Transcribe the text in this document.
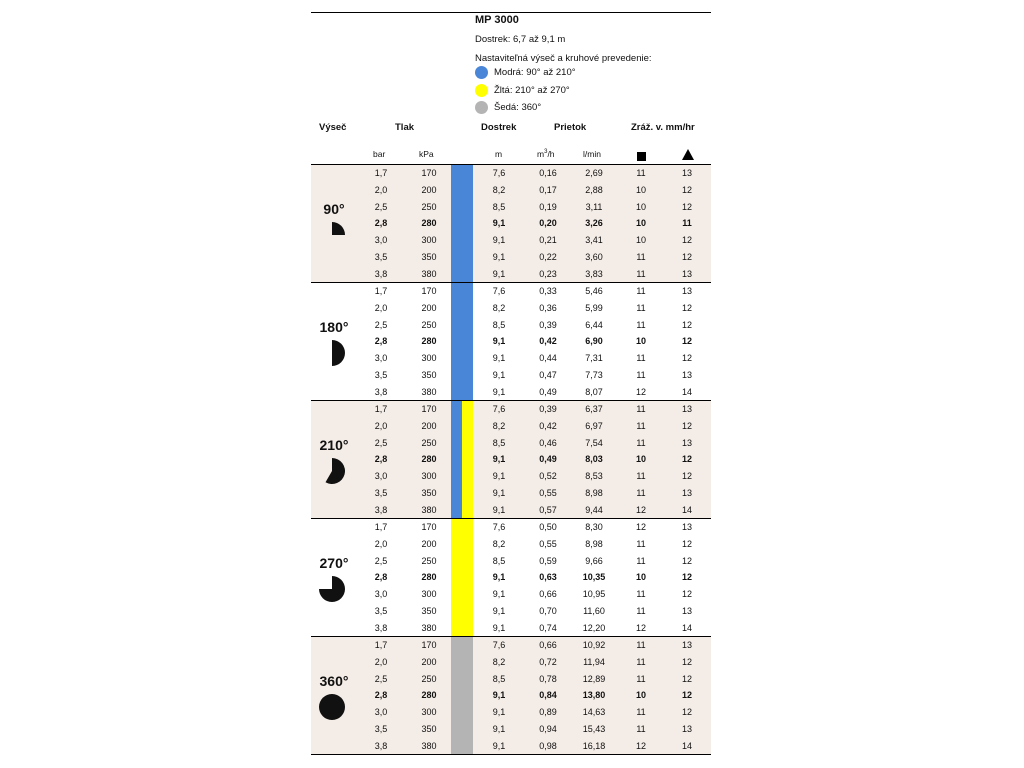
MP 3000
Dostrek: 6,7 až 9,1 m
Nastaviteľná výseč a kruhové prevedenie:
Modrá: 90° až 210°
Žltá: 210° až 270°
Šedá: 360°
Výseč	Tlak	Dostrek	Prietok	Zráž. v. mm/hr
bar	kPa	m	$m^3/h$	l/min
90°
1,7	170	7,6	0,16	2,69	11	13
2,0	200	8,2	0,17	2,88	10	12
2,5	250	8,5	0,19	3,11	10	12
2,8	280	9,1	0,20	3,26	10	11
3,0	300	9,1	0,21	3,41	10	12
3,5	350	9,1	0,22	3,60	11	12
3,8	380	9,1	0,23	3,83	11	13
180°
1,7	170	7,6	0,33	5,46	11	13
2,0	200	8,2	0,36	5,99	11	12
2,5	250	8,5	0,39	6,44	11	12
2,8	280	9,1	0,42	6,90	10	12
3,0	300	9,1	0,44	7,31	11	12
3,5	350	9,1	0,47	7,73	11	13
3,8	380	9,1	0,49	8,07	12	14
210°
1,7	170	7,6	0,39	6,37	11	13
2,0	200	8,2	0,42	6,97	11	12
2,5	250	8,5	0,46	7,54	11	13
2,8	280	9,1	0,49	8,03	10	12
3,0	300	9,1	0,52	8,53	11	12
3,5	350	9,1	0,55	8,98	11	13
3,8	380	9,1	0,57	9,44	12	14
270°
1,7	170	7,6	0,50	8,30	12	13
2,0	200	8,2	0,55	8,98	11	12
2,5	250	8,5	0,59	9,66	11	12
2,8	280	9,1	0,63	10,35	10	12
3,0	300	9,1	0,66	10,95	11	12
3,5	350	9,1	0,70	11,60	11	13
3,8	380	9,1	0,74	12,20	12	14
360°
1,7	170	7,6	0,66	10,92	11	13
2,0	200	8,2	0,72	11,94	11	12
2,5	250	8,5	0,78	12,89	11	12
2,8	280	9,1	0,84	13,80	10	12
3,0	300	9,1	0,89	14,63	11	12
3,5	350	9,1	0,94	15,43	11	13
3,8	380	9,1	0,98	16,18	12	14
